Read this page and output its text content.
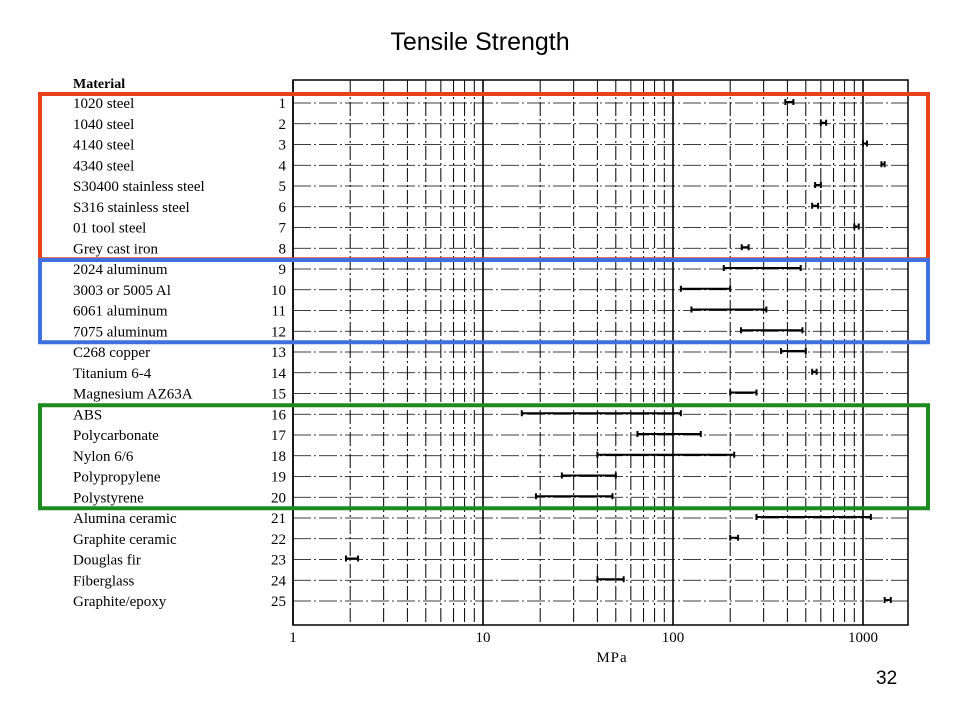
Tensile Strength
Material
1020 steel	1
1040 steel	2
4140 steel	3
4340 steel	4
S30400 stainless steel	5
S316 stainless steel	6
01 tool steel	7
Grey cast iron	8
2024 aluminum	9
3003 or 5005 Al	10
6061 aluminum	11
7075 aluminum	12
C268 copper	13
Titanium 6-4	14
Magnesium AZ63A	15
ABS	16
Polycarbonate	17
Nylon 6/6	18
Polypropylene	19
Polystyrene	20
Alumina ceramic	21
Graphite ceramic	22
Douglas fir	23
Fiberglass	24
Graphite/epoxy	25
1	10	100	1000
MPa
32
